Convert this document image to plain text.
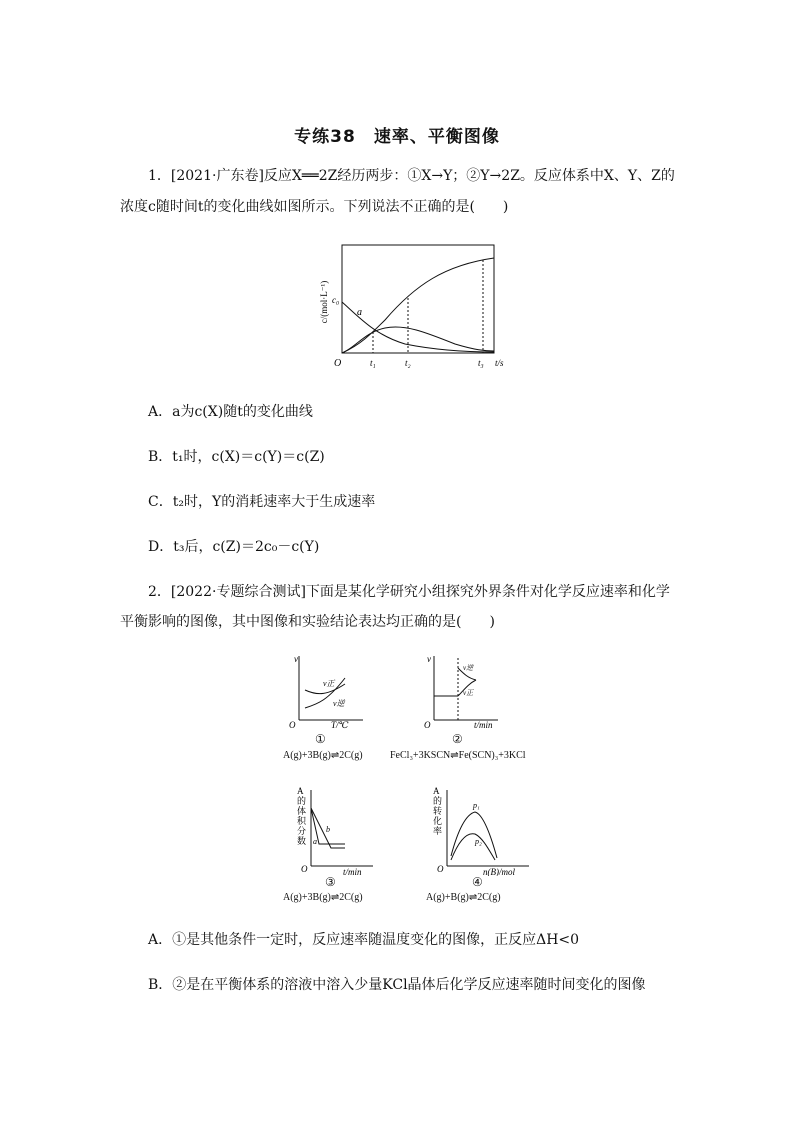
专练38　速率、平衡图像
1．[2021·广东卷]反应X══2Z经历两步：①X→Y；②Y→2Z。反应体系中X、Y、Z的
浓度c随时间t的变化曲线如图所示。下列说法不正确的是(　　)
c/(mol·L⁻¹) c₀
a
O	t₁	t₂	t₃ t/s
A．a为c(X)随t的变化曲线
B．t₁时，c(X)＝c(Y)＝c(Z)
C．t₂时，Y的消耗速率大于生成速率
D．t₃后，c(Z)＝2c₀－c(Y)
2．[2022·专题综合测试]下面是某化学研究小组探究外界条件对化学反应速率和化学
平衡影响的图像，其中图像和实验结论表达均正确的是(　　)
v
O	T/℃
v正
v逆
①
A(g)+3B(g)⇌2C(g)
v
O	t/min
v逆
v正
②
FeCl₃+3KSCN⇌Fe(SCN)₃+3KCl
A 的体积分数
O	t/min
b
a
③
A(g)+3B(g)⇌2C(g)
A 的转化率
O	n(B)/mol
p₁
p₂
④
A(g)+B(g)⇌2C(g)
A．①是其他条件一定时，反应速率随温度变化的图像，正反应ΔH<0
B．②是在平衡体系的溶液中溶入少量KCl晶体后化学反应速率随时间变化的图像
